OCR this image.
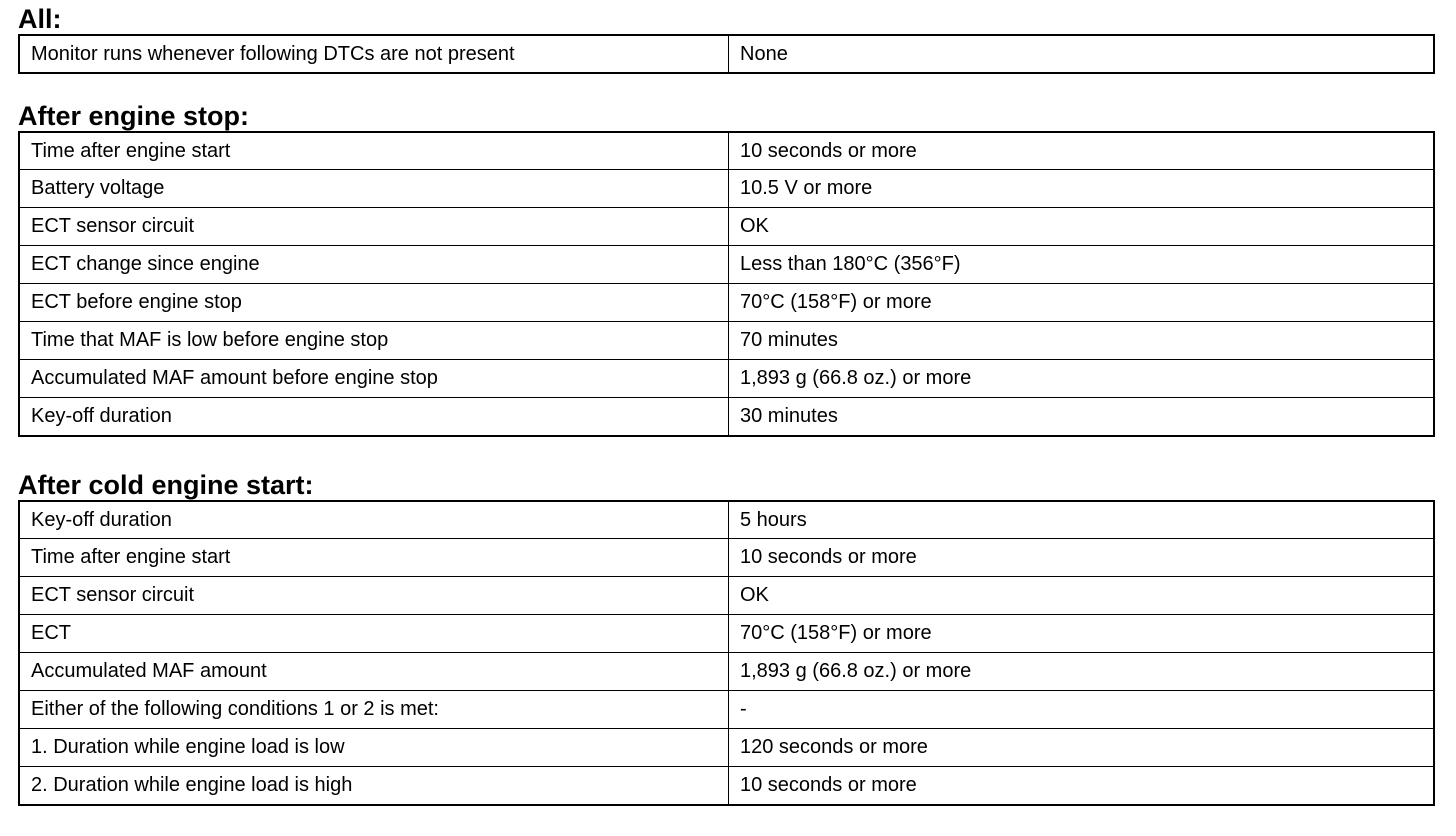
All:
Monitor runs whenever following DTCs are not present	None
After engine stop:
Time after engine start	10 seconds or more
Battery voltage	10.5 V or more
ECT sensor circuit	OK
ECT change since engine	Less than 180°C (356°F)
ECT before engine stop	70°C (158°F) or more
Time that MAF is low before engine stop	70 minutes
Accumulated MAF amount before engine stop	1,893 g (66.8 oz.) or more
Key-off duration	30 minutes
After cold engine start:
Key-off duration	5 hours
Time after engine start	10 seconds or more
ECT sensor circuit	OK
ECT	70°C (158°F) or more
Accumulated MAF amount	1,893 g (66.8 oz.) or more
Either of the following conditions 1 or 2 is met:	-
1. Duration while engine load is low	120 seconds or more
2. Duration while engine load is high	10 seconds or more
